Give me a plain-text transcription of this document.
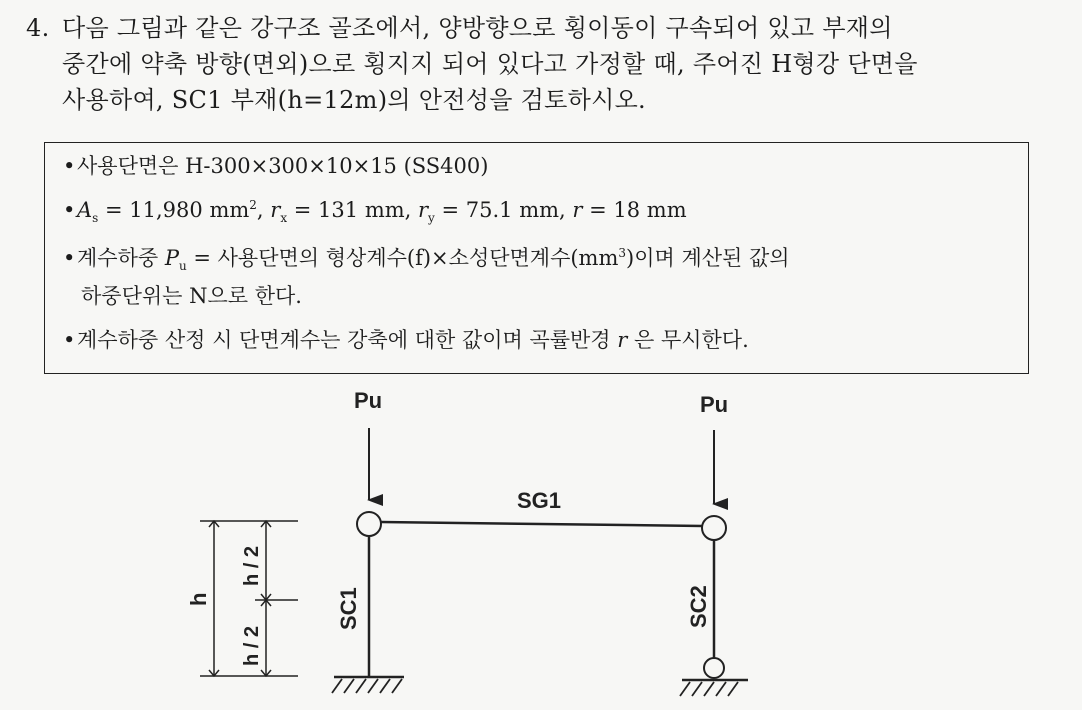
4. 다음 그림과 같은 강구조 골조에서, 양방향으로 횡이동이 구속되어 있고 부재의
중간에 약축 방향(면외)으로 횡지지 되어 있다고 가정할 때, 주어진 H형강 단면을
사용하여, SC1 부재(h=12m)의 안전성을 검토하시오.
•사용단면은 H-300×300×10×15 (SS400)
$•A_s = 11,980$ $mm^2$, $r_x = 131$ mm, $r_y = 75.1$ mm, r = 18 mm
•계수하중 $P_u$ = 사용단면의 형상계수(f)×소성단면계수$(mm^3)$이며 계산된 값의
하중단위는 N으로 한다.
•계수하중 산정 시 단면계수는 강축에 대한 값이며 곡률반경 r 은 무시한다.
Pu	Pu
SG1
SC1	SC2
h
h / 2
h / 2
